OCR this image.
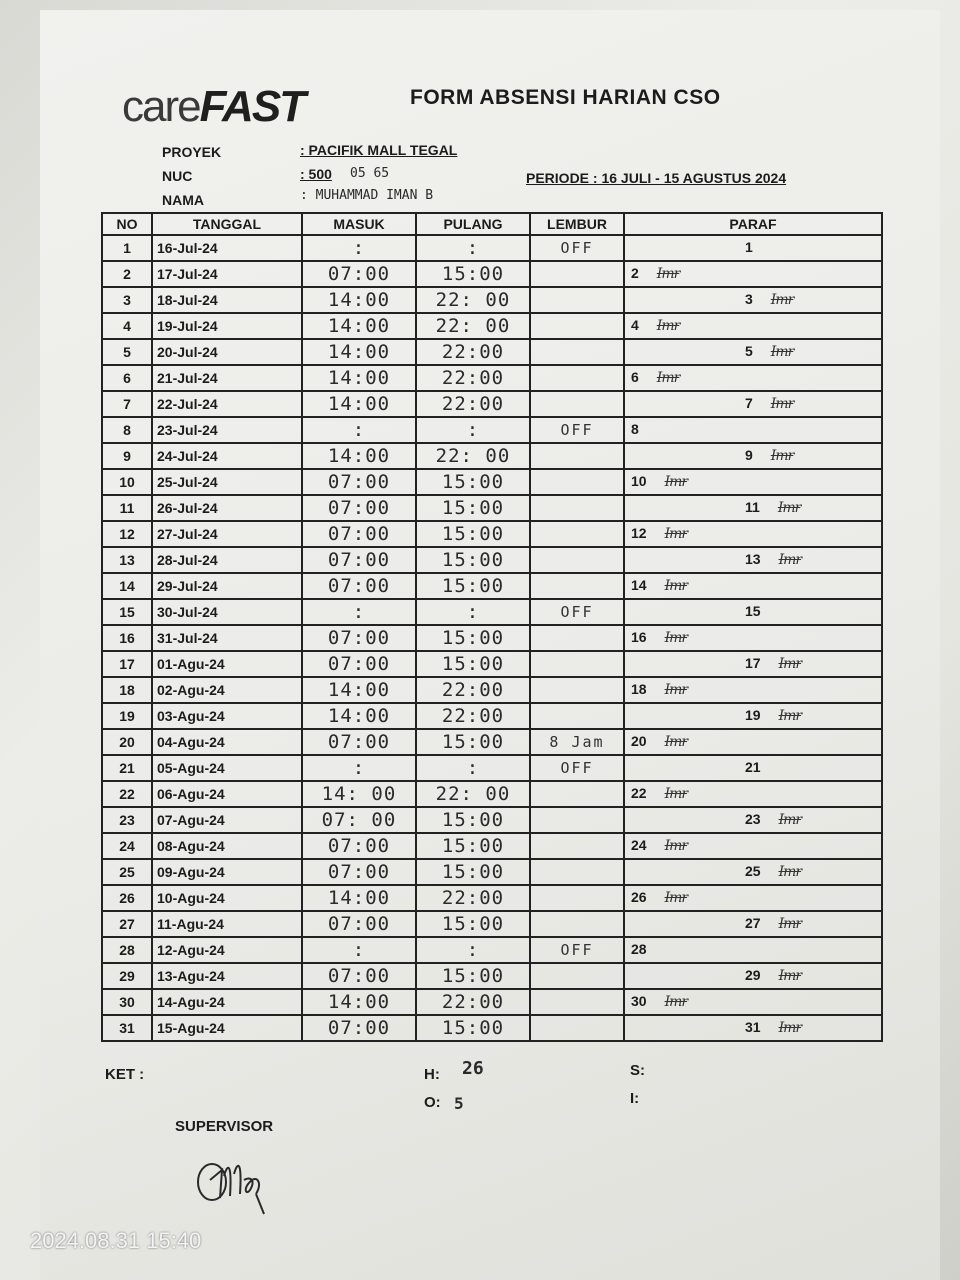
careFAST	FORM ABSENSI HARIAN CSO
PROYEK	: PACIFIK MALL TEGAL
NUC	: 500 05 65
NAMA	: MUHAMMAD IMAN B
PERIODE : 16 JULI - 15 AGUSTUS 2024
NO	TANGGAL	MASUK	PULANG	LEMBUR	PARAF
1	16-Jul-24	:	:	OFF	1

2	17-Jul-24	07:00	15:00		2 Imr

3	18-Jul-24	14:00	22: 00		3 Imr

4	19-Jul-24	14:00	22: 00		4 Imr

5	20-Jul-24	14:00	22:00		5 Imr

6	21-Jul-24	14:00	22:00		6 Imr

7	22-Jul-24	14:00	22:00		7 Imr

8	23-Jul-24	:	:	OFF	8

9	24-Jul-24	14:00	22: 00		9 Imr

10	25-Jul-24	07:00	15:00		10 Imr

11	26-Jul-24	07:00	15:00		11 Imr

12	27-Jul-24	07:00	15:00		12 Imr

13	28-Jul-24	07:00	15:00		13 Imr

14	29-Jul-24	07:00	15:00		14 Imr

15	30-Jul-24	:	:	OFF	15

16	31-Jul-24	07:00	15:00		16 Imr

17	01-Agu-24	07:00	15:00		17 Imr

18	02-Agu-24	14:00	22:00		18 Imr

19	03-Agu-24	14:00	22:00		19 Imr

20	04-Agu-24	07:00	15:00	8 Jam	20 Imr

21	05-Agu-24	:	:	OFF	21

22	06-Agu-24	14: 00	22: 00		22 Imr

23	07-Agu-24	07: 00	15:00		23 Imr

24	08-Agu-24	07:00	15:00		24 Imr

25	09-Agu-24	07:00	15:00		25 Imr

26	10-Agu-24	14:00	22:00		26 Imr

27	11-Agu-24	07:00	15:00		27 Imr

28	12-Agu-24	:	:	OFF	28

29	13-Agu-24	07:00	15:00		29 Imr

30	14-Agu-24	14:00	22:00		30 Imr

31	15-Agu-24	07:00	15:00		31 Imr
KET :	H: 26
O: 5
S:
I:
SUPERVISOR
2024.08.31 15:40
